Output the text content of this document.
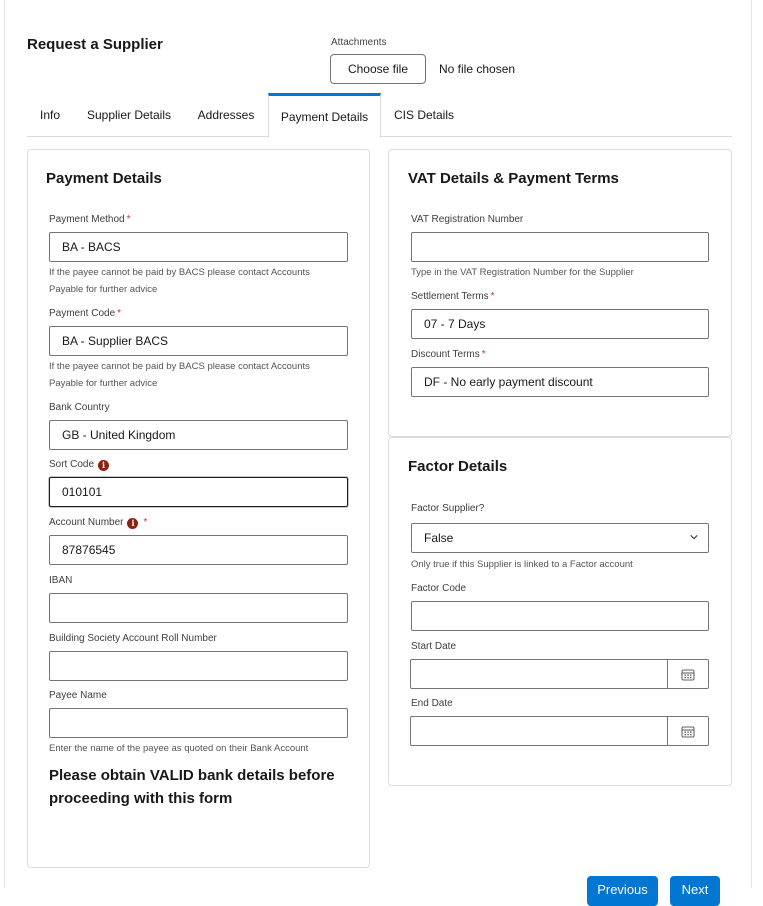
Request a Supplier	Attachments
Choose file	No file chosen
Info	Supplier Details	Addresses	Payment Details	CIS Details
Payment Details
Payment Method *
BA - BACS
If the payee cannot be paid by BACS please contact Accounts
Payable for further advice
Payment Code *
BA - Supplier BACS
If the payee cannot be paid by BACS please contact Accounts
Payable for further advice
Bank Country
GB - United Kingdom
Sort Code i
010101
Account Number i *
87876545
IBAN
Building Society Account Roll Number
Payee Name
Enter the name of the payee as quoted on their Bank Account
Please obtain VALID bank details before
proceeding with this form
VAT Details & Payment Terms
VAT Registration Number
Type in the VAT Registration Number for the Supplier
Settlement Terms *
07 - 7 Days
Discount Terms *
DF - No early payment discount
Factor Details
Factor Supplier?
False
Only true if this Supplier is linked to a Factor account
Factor Code
Start Date
End Date
Previous	Next
